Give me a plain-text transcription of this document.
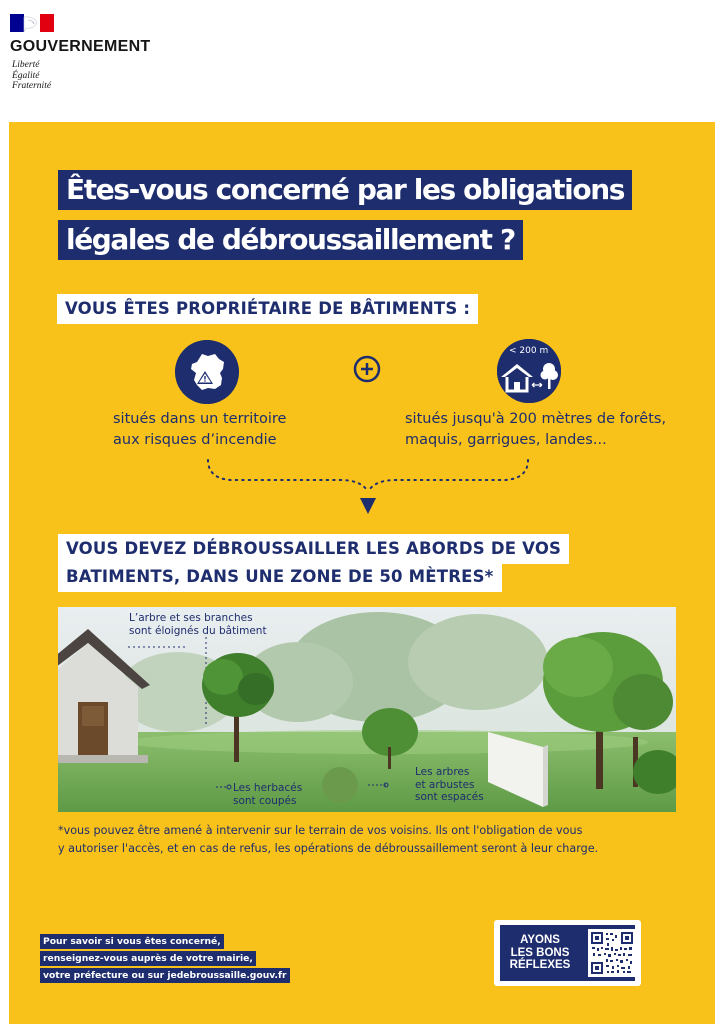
GOUVERNEMENT
Liberté
Égalité
Fraternité
Êtes-vous concerné par les obligations
légales de débroussaillement ?
VOUS ÊTES PROPRIÉTAIRE DE BÂTIMENTS :
< 200 m
situés dans un territoire
aux risques d’incendie
situés jusqu'à 200 mètres de forêts,
maquis, garrigues, landes...
VOUS DEVEZ DÉBROUSSAILLER LES ABORDS DE VOS
BATIMENTS, DANS UNE ZONE DE 50 MÈTRES*
L’arbre et ses branches
sont éloignés du bâtiment
Les herbacés
sont coupés
Les arbres
et arbustes
sont espacés
*vous pouvez être amené à intervenir sur le terrain de vos voisins. Ils ont l'obligation de vous
y autoriser l'accès, et en cas de refus, les opérations de débroussaillement seront à leur charge.
Pour savoir si vous êtes concerné,
renseignez-vous auprès de votre mairie,
votre préfecture ou sur jedebroussaille.gouv.fr
AYONS
LES BONS
RÉFLEXES
